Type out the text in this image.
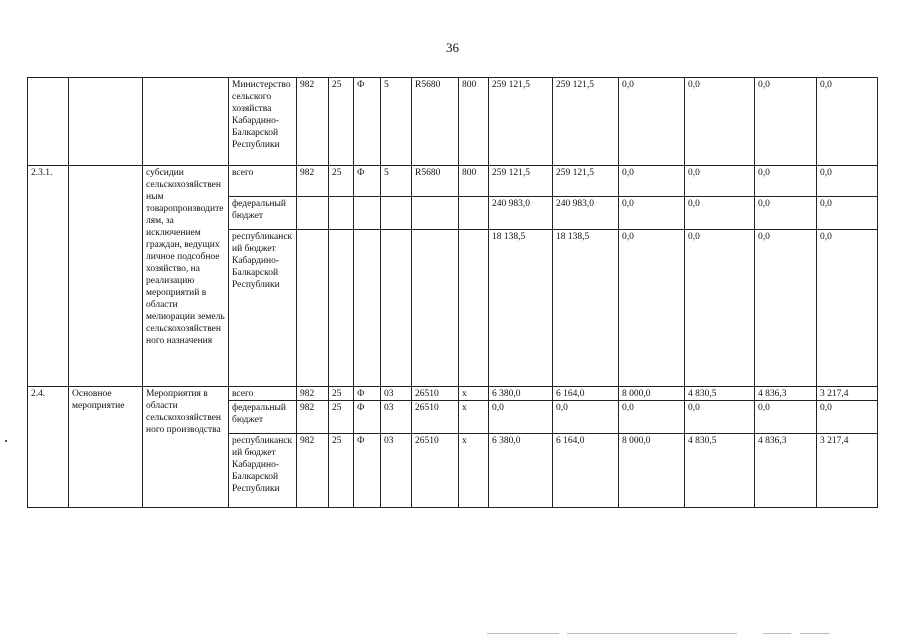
36
			Министерство сельского хозяйства Кабардино-Балкарской Республики	982	25	Ф	5	R5680	800	259 121,5	259 121,5	0,0	0,0	0,0	0,0
2.3.1.		субсидии сельскохозяйственным товаропроизводителям, за исключением граждан, ведущих личное подсобное хозяйство, на реализацию мероприятий в области мелиорации земель сельскохозяйственного назначения	всего	982	25	Ф	5	R5680	800	259 121,5	259 121,5	0,0	0,0	0,0	0,0
			федеральный бюджет							240 983,0	240 983,0	0,0	0,0	0,0	0,0
			республиканский бюджет Кабардино-Балкарской Республики							18 138,5	18 138,5	0,0	0,0	0,0	0,0
2.4.	Основное мероприятие	Мероприятия в области сельскохозяйственного производства	всего	982	25	Ф	03	26510	x	6 380,0	6 164,0	8 000,0	4 830,5	4 836,3	3 217,4
			федеральный бюджет	982	25	Ф	03	26510	x	0,0	0,0	0,0	0,0	0,0	0,0
			республиканский бюджет Кабардино-Балкарской Республики	982	25	Ф	03	26510	x	6 380,0	6 164,0	8 000,0	4 830,5	4 836,3	3 217,4
